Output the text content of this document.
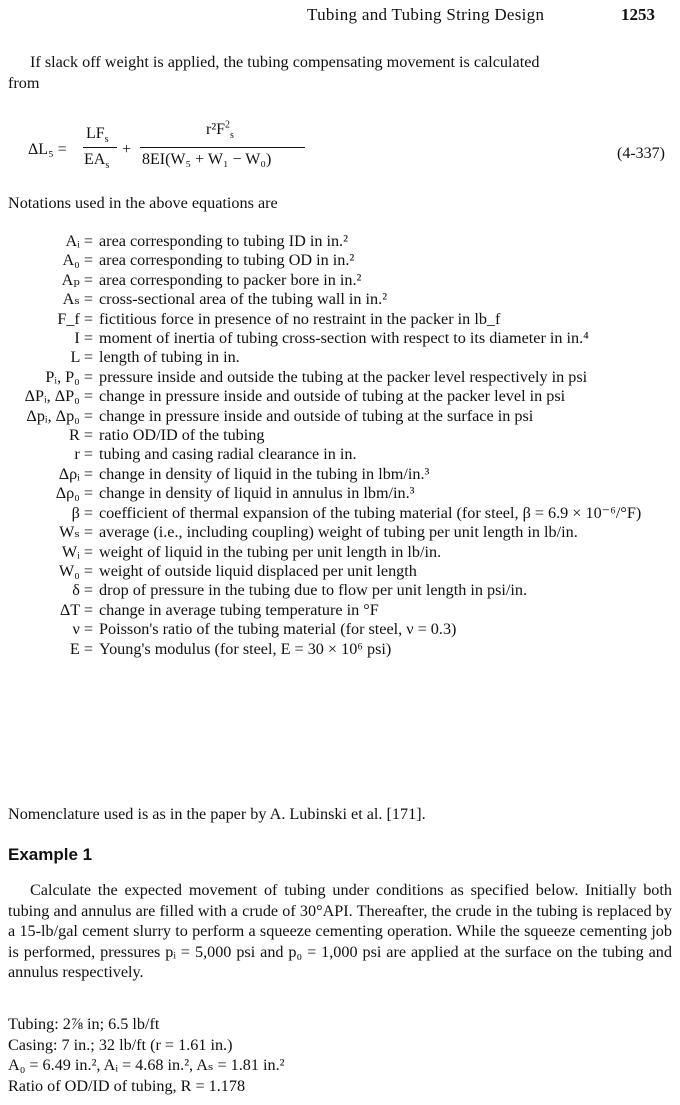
Tubing and Tubing String Design	1253
If slack off weight is applied, the tubing compensating movement is calculated
from
ΔL₅ =
$LF_s$
$EA_s$
+
$r^2F^2_s$
8EI(W₅ + W₁ − W₀)	(4-337)
Notations used in the above equations are
Aᵢ = area corresponding to tubing ID in in.²
A₀ = area corresponding to tubing OD in in.²
Aₚ = area corresponding to packer bore in in.²
Aₛ = cross-sectional area of the tubing wall in in.²
F_f = fictitious force in presence of no restraint in the packer in lb_f
I = moment of inertia of tubing cross-section with respect to its diameter in in.⁴
L = length of tubing in in.
Pᵢ, P₀ = pressure inside and outside the tubing at the packer level respectively in psi
ΔPᵢ, ΔP₀ = change in pressure inside and outside of tubing at the packer level in psi
Δpᵢ, Δp₀ = change in pressure inside and outside of tubing at the surface in psi
R = ratio OD/ID of the tubing
r = tubing and casing radial clearance in in.
Δρᵢ = change in density of liquid in the tubing in lbm/in.³
Δρ₀ = change in density of liquid in annulus in lbm/in.³
β = coefficient of thermal expansion of the tubing material (for steel, β = 6.9 × 10⁻⁶/°F)
Wₛ = average (i.e., including coupling) weight of tubing per unit length in lb/in.
Wᵢ = weight of liquid in the tubing per unit length in lb/in.
W₀ = weight of outside liquid displaced per unit length
δ = drop of pressure in the tubing due to flow per unit length in psi/in.
ΔT = change in average tubing temperature in °F
ν = Poisson's ratio of the tubing material (for steel, ν = 0.3)
E = Young's modulus (for steel, E = 30 × 10⁶ psi)
Nomenclature used is as in the paper by A. Lubinski et al. [171].
Example 1
Calculate the expected movement of tubing under conditions as specified below. Initially both tubing and annulus are filled with a crude of 30°API. Thereafter, the crude in the tubing is replaced by a 15-lb/gal cement slurry to perform a squeeze cementing operation. While the squeeze cementing job is performed, pressures pᵢ = 5,000 psi and p₀ = 1,000 psi are applied at the surface on the tubing and annulus respectively.
Tubing: 2⅞ in; 6.5 lb/ft
Casing: 7 in.; 32 lb/ft (r = 1.61 in.)
A₀ = 6.49 in.², Aᵢ = 4.68 in.², Aₛ = 1.81 in.²
Ratio of OD/ID of tubing, R = 1.178
